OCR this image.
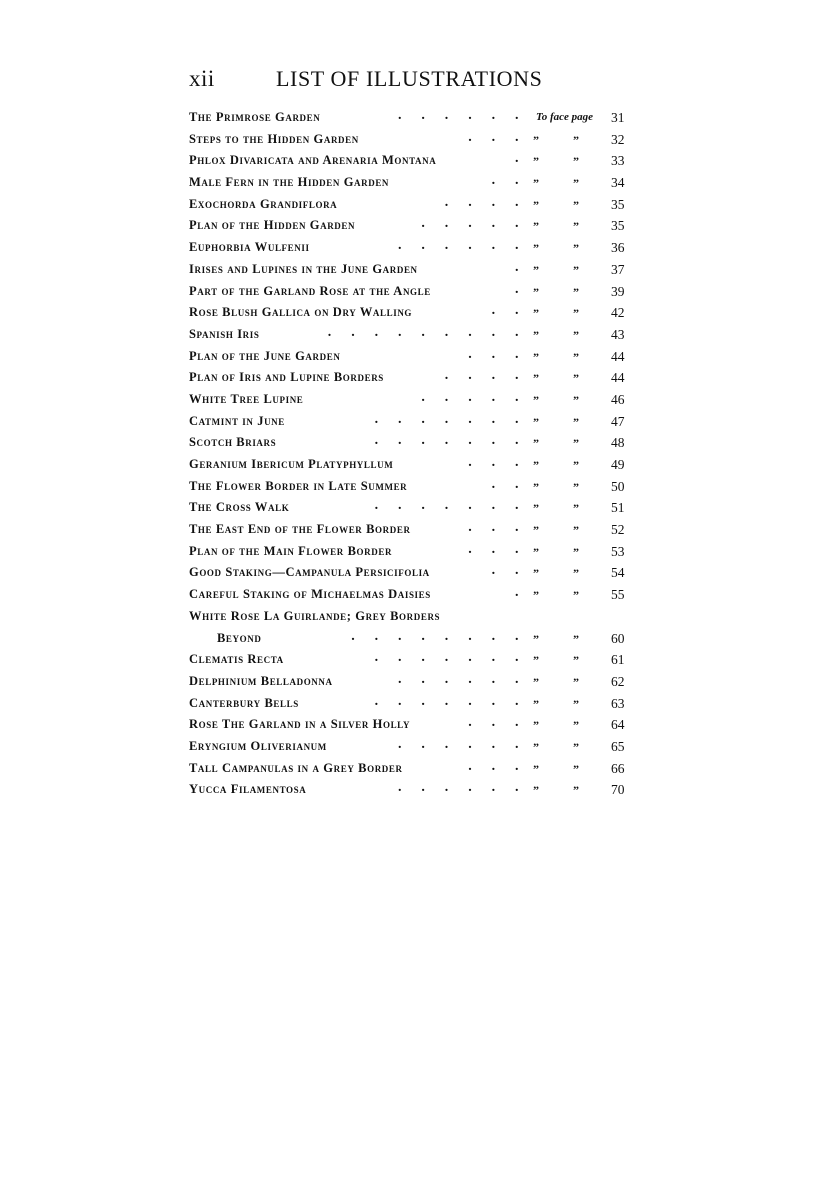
xii	LIST OF ILLUSTRATIONS
The Primrose Garden	. . . . . . To face page 31
Steps to the Hidden Garden	. . . ”	” 32
Phlox Divaricata and Arenaria Montana	. ”	” 33
Male Fern in the Hidden Garden	. . ”	” 34
Exochorda Grandiflora	. . . . ”	” 35
Plan of the Hidden Garden	. . . . . ”	” 35
Euphorbia Wulfenii	. . . . . . ”	” 36
Irises and Lupines in the June Garden	. ”	” 37
Part of the Garland Rose at the Angle	. ”	” 39
Rose Blush Gallica on Dry Walling	. . ”	” 42
Spanish Iris	. . . . . . . . . ”	” 43
Plan of the June Garden	. . . ”	” 44
Plan of Iris and Lupine Borders	. . . . ”	” 44
White Tree Lupine	. . . . . ”	” 46
Catmint in June	. . . . . . . ”	” 47
Scotch Briars	. . . . . . . ”	” 48
Geranium Ibericum Platyphyllum	. . . ”	” 49
The Flower Border in Late Summer	. . ”	” 50
The Cross Walk	. . . . . . . ”	” 51
The East End of the Flower Border	. . . ”	” 52
Plan of the Main Flower Border	. . . ”	” 53
Good Staking—Campanula Persicifolia	. . ”	” 54
Careful Staking of Michaelmas Daisies	. ”	” 55
White Rose La Guirlande; Grey Borders
Beyond	. . . . . . . . ”	” 60
Clematis Recta	. . . . . . . ”	” 61
Delphinium Belladonna	. . . . . . ”	” 62
Canterbury Bells	. . . . . . . ”	” 63
Rose The Garland in a Silver Holly	. . . ”	” 64
Eryngium Oliverianum	. . . . . . ”	” 65
Tall Campanulas in a Grey Border	. . . ”	” 66
Yucca Filamentosa	. . . . . . ”	” 70
